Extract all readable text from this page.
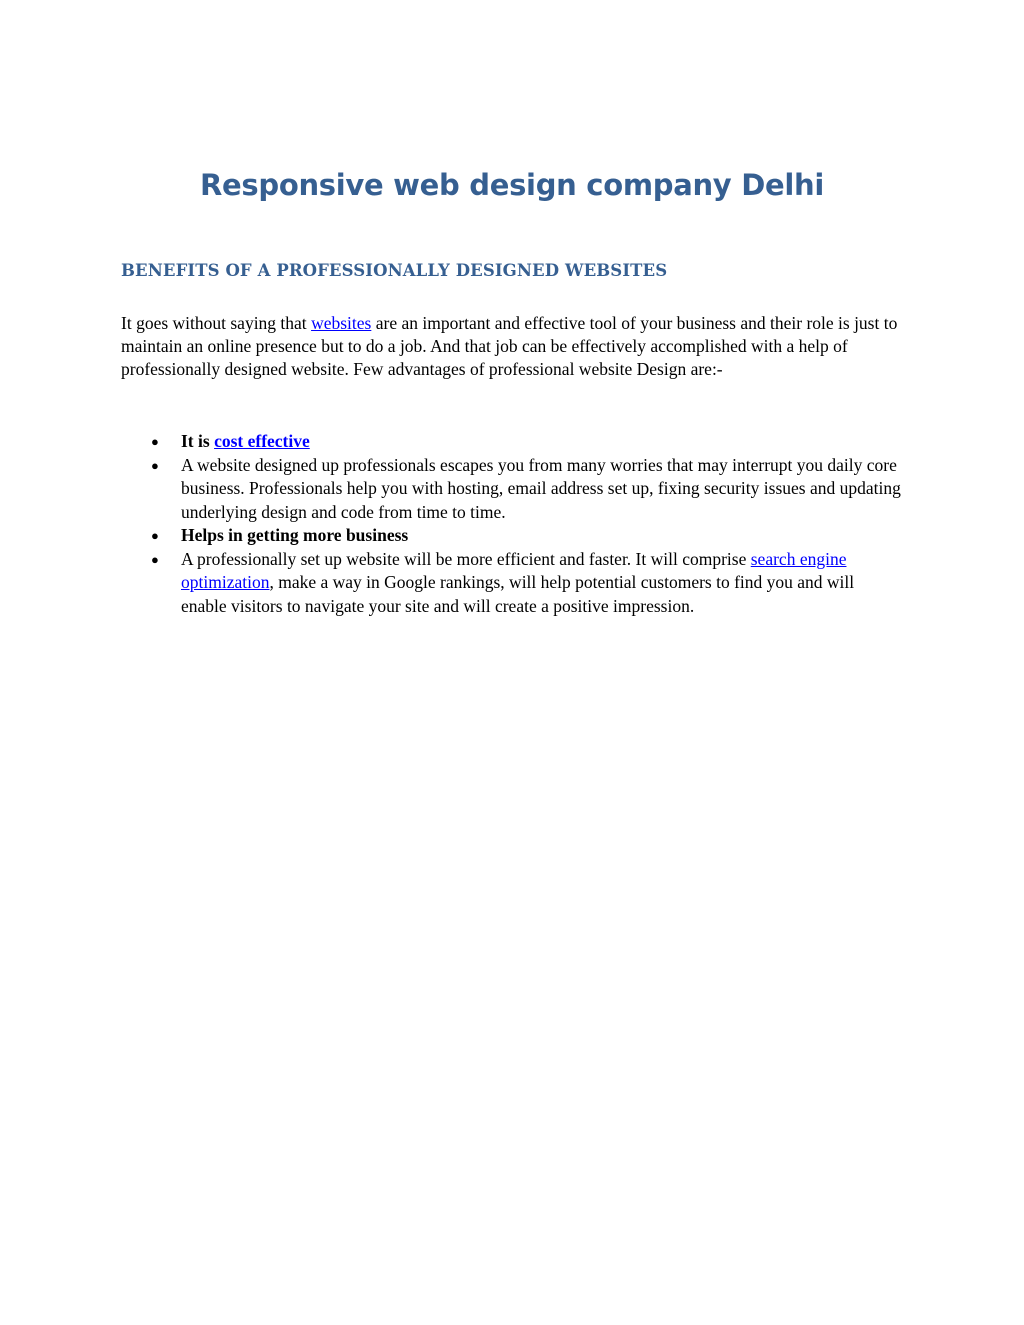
Responsive web design company Delhi
BENEFITS OF A PROFESSIONALLY DESIGNED WEBSITES

It goes without saying that websites are an important and effective tool of your business and their role is just to maintain an online presence but to do a job. And that job can be effectively accomplished with a help of professionally designed website. Few advantages of professional website Design are:-

● It is cost effective
● A website designed up professionals escapes you from many worries that may interrupt you daily core business. Professionals help you with hosting, email address set up, fixing security issues and updating underlying design and code from time to time.
● Helps in getting more business
● A professionally set up website will be more efficient and faster. It will comprise search engine optimization, make a way in Google rankings, will help potential customers to find you and will enable visitors to navigate your site and will create a positive impression.
